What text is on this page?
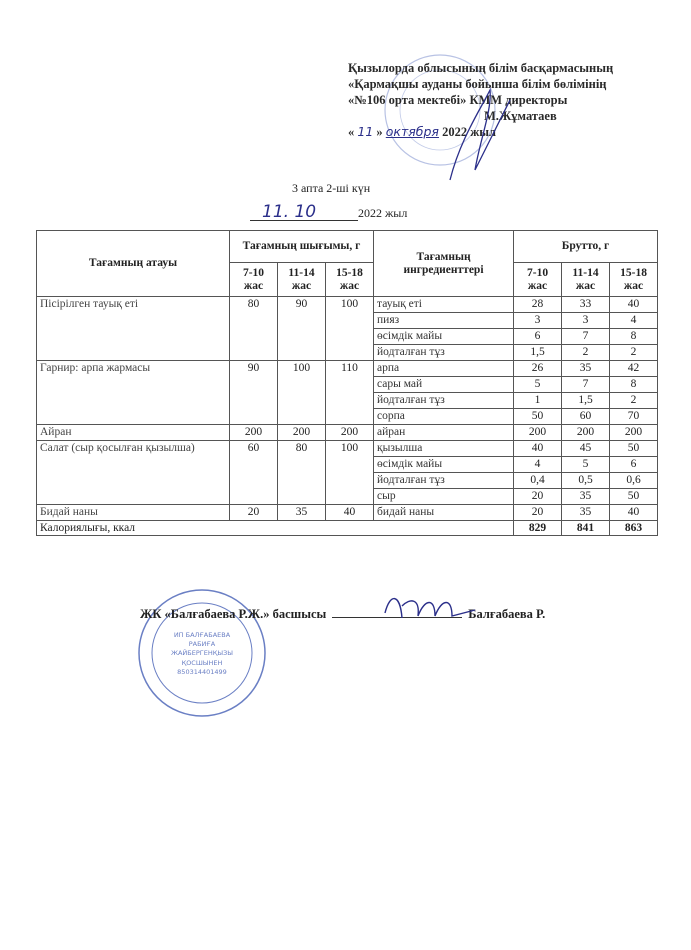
Қызылорда облысының білім басқармасының
«Қармақшы ауданы бойынша білім бөлімінің
«№106 орта мектебі» КММ директоры
М.Жұматаев
« 11 » октября 2022 жыл
3 апта 2-ші күн
11. 10	2022 жыл
Тағамның атауы	Тағамның шығымы, г			Тағамның ингредиенттері	Брутто, г		
	7-10 жас	11-14 жас	15-18 жас		7-10 жас	11-14 жас	15-18 жас
Пісірілген тауық еті	80	90	100	тауық еті	28	33	40
				пияз	3	3	4
				өсімдік майы	6	7	8
				йодталған тұз	1,5	2	2
Гарнир: арпа жармасы	90	100	110	арпа	26	35	42
				сары май	5	7	8
				йодталған тұз	1	1,5	2
				сорпа	50	60	70
Айран	200	200	200	айран	200	200	200
Салат (сыр қосылған қызылша)	60	80	100	қызылша	40	45	50
				өсімдік майы	4	5	6
				йодталған тұз	0,4	0,5	0,6
				сыр	20	35	50
Бидай наны	20	35	40	бидай наны	20	35	40
Калориялығы, ккал					829	841	863
ИП БАЛҒАБАЕВА
РАБИҒА
ЖАЙБЕРГЕНҚЫЗЫ
ҚОСШЫНЕН
850314401499
ЖК «Балғабаева Р.Ж.» басшысы	Балғабаева Р.
